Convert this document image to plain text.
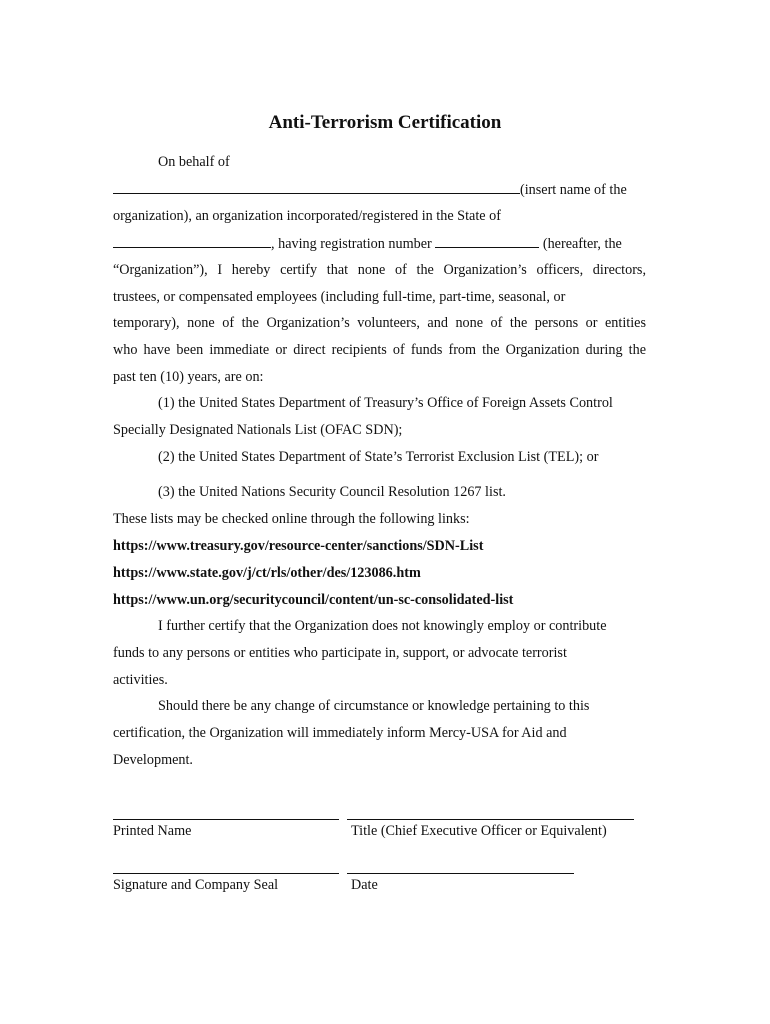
Anti-Terrorism Certification
On behalf of
(insert name of the
organization), an organization incorporated/registered in the State of
, having registration number	(hereafter, the
“Organization”), I hereby certify that none of the Organization’s officers, directors,
trustees, or compensated employees (including full-time, part-time, seasonal, or
temporary), none of the Organization’s volunteers, and none of the persons or entities
who have been immediate or direct recipients of funds from the Organization during the
past ten (10) years, are on:
(1) the United States Department of Treasury’s Office of Foreign Assets Control
Specially Designated Nationals List (OFAC SDN);
(2) the United States Department of State’s Terrorist Exclusion List (TEL); or
(3) the United Nations Security Council Resolution 1267 list.
These lists may be checked online through the following links:
https://www.treasury.gov/resource-center/sanctions/SDN-List
https://www.state.gov/j/ct/rls/other/des/123086.htm
https://www.un.org/securitycouncil/content/un-sc-consolidated-list
I further certify that the Organization does not knowingly employ or contribute
funds to any persons or entities who participate in, support, or advocate terrorist
activities.
Should there be any change of circumstance or knowledge pertaining to this
certification, the Organization will immediately inform Mercy-USA for Aid and
Development.
Printed Name	Title (Chief Executive Officer or Equivalent)
Signature and Company Seal	Date
